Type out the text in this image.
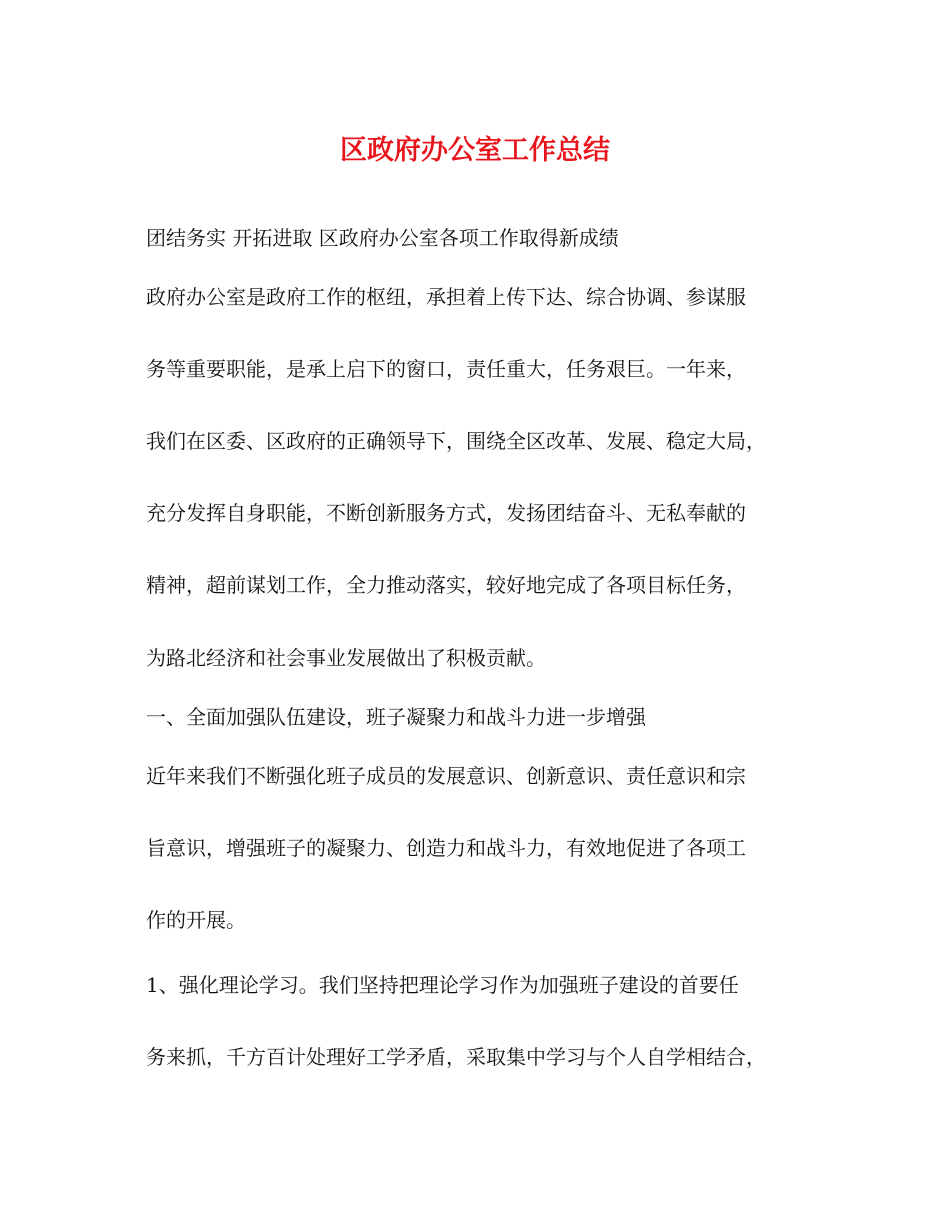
区政府办公室工作总结

团结务实 开拓进取 区政府办公室各项工作取得新成绩

政府办公室是政府工作的枢纽，承担着上传下达、综合协调、参谋服

务等重要职能，是承上启下的窗口，责任重大，任务艰巨。一年来，

我们在区委、区政府的正确领导下，围绕全区改革、发展、稳定大局，

充分发挥自身职能，不断创新服务方式，发扬团结奋斗、无私奉献的

精神，超前谋划工作，全力推动落实，较好地完成了各项目标任务，

为路北经济和社会事业发展做出了积极贡献。

一、全面加强队伍建设，班子凝聚力和战斗力进一步增强

近年来我们不断强化班子成员的发展意识、创新意识、责任意识和宗

旨意识，增强班子的凝聚力、创造力和战斗力，有效地促进了各项工

作的开展。

1、强化理论学习。我们坚持把理论学习作为加强班子建设的首要任

务来抓，千方百计处理好工学矛盾，采取集中学习与个人自学相结合，
